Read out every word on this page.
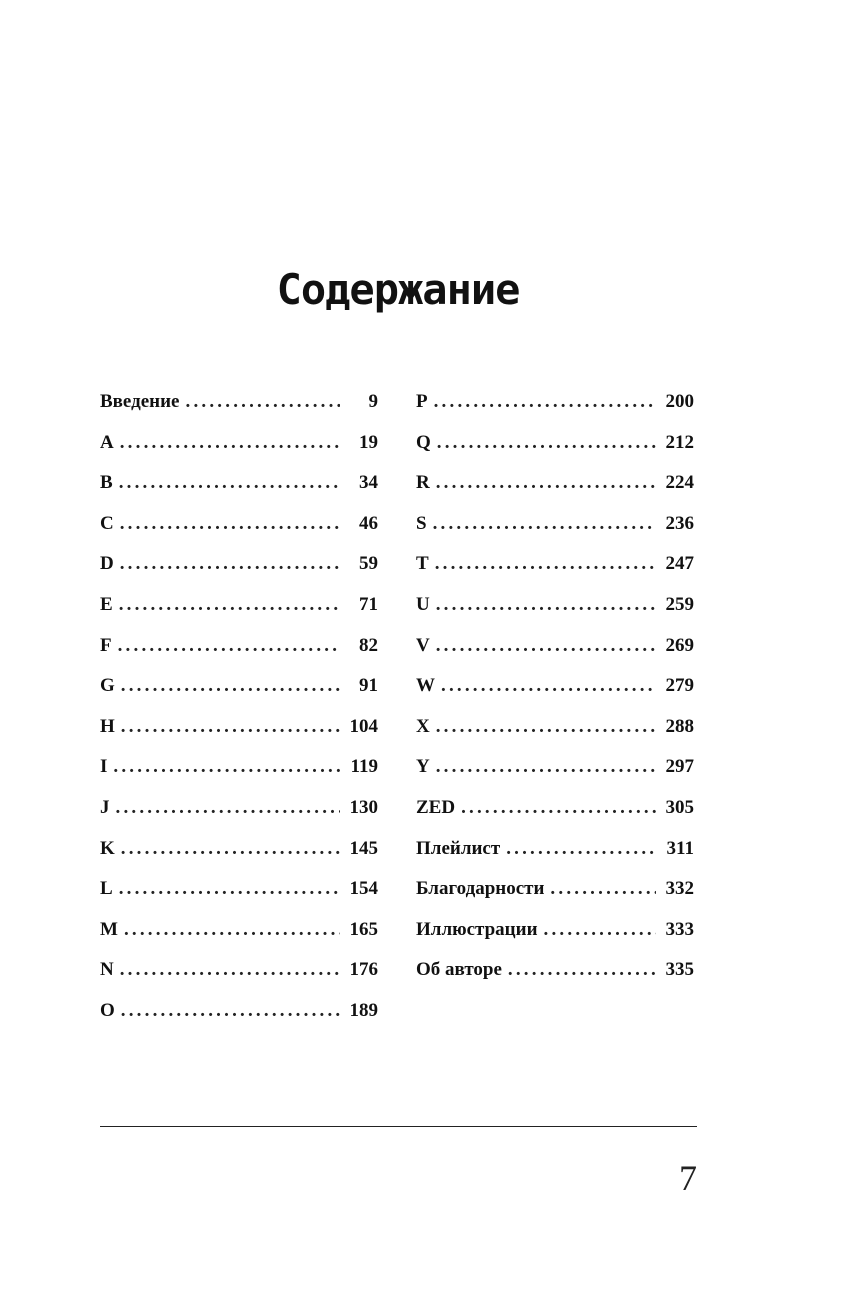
Содержание
Введение .....	9
A .....	19
B .....	34
C .....	46
D .....	59
E .....	71
F .....	82
G .....	91
H .....	104
I .....	119
J .....	130
K .....	145
L .....	154
M .....	165
N .....	176
O .....	189
P .....	200
Q .....	212
R .....	224
S .....	236
T .....	247
U .....	259
V .....	269
W .....	279
X .....	288
Y .....	297
ZED .....	305
Плейлист .....	311
Благодарности .....	332
Иллюстрации .....	333
Об авторе .....	335
7
